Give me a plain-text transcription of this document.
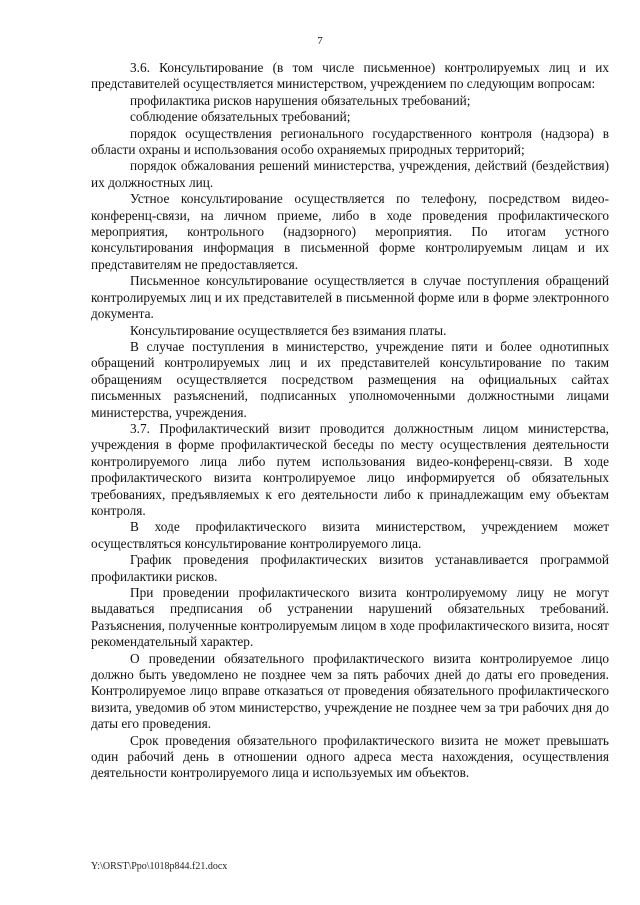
7

3.6. Консультирование (в том числе письменное) контролируемых лиц и их представителей осуществляется министерством, учреждением по следующим вопросам:

профилактика рисков нарушения обязательных требований;

соблюдение обязательных требований;

порядок осуществления регионального государственного контроля (надзора) в области охраны и использования особо охраняемых природных территорий;

порядок обжалования решений министерства, учреждения, действий (бездействия) их должностных лиц.

Устное консультирование осуществляется по телефону, посредством видео-конференц-связи, на личном приеме, либо в ходе проведения профилактического мероприятия, контрольного (надзорного) мероприятия. По итогам устного консультирования информация в письменной форме контролируемым лицам и их представителям не предоставляется.

Письменное консультирование осуществляется в случае поступления обращений контролируемых лиц и их представителей в письменной форме или в форме электронного документа.

Консультирование осуществляется без взимания платы.

В случае поступления в министерство, учреждение пяти и более однотипных обращений контролируемых лиц и их представителей консультирование по таким обращениям осуществляется посредством размещения на официальных сайтах письменных разъяснений, подписанных уполномоченными должностными лицами министерства, учреждения.

3.7. Профилактический визит проводится должностным лицом министерства, учреждения в форме профилактической беседы по месту осуществления деятельности контролируемого лица либо путем использования видео-конференц-связи. В ходе профилактического визита контролируемое лицо информируется об обязательных требованиях, предъявляемых к его деятельности либо к принадлежащим ему объектам контроля.

В ходе профилактического визита министерством, учреждением может осуществляться консультирование контролируемого лица.

График проведения профилактических визитов устанавливается программой профилактики рисков.

При проведении профилактического визита контролируемому лицу не могут выдаваться предписания об устранении нарушений обязательных требований. Разъяснения, полученные контролируемым лицом в ходе профилактического визита, носят рекомендательный характер.

О проведении обязательного профилактического визита контролируемое лицо должно быть уведомлено не позднее чем за пять рабочих дней до даты его проведения. Контролируемое лицо вправе отказаться от проведения обязательного профилактического визита, уведомив об этом министерство, учреждение не позднее чем за три рабочих дня до даты его проведения.

Срок проведения обязательного профилактического визита не может превышать один рабочий день в отношении одного адреса места нахождения, осуществления деятельности контролируемого лица и используемых им объектов.

Y:\ORST\Ppo\1018p844.f21.docx
